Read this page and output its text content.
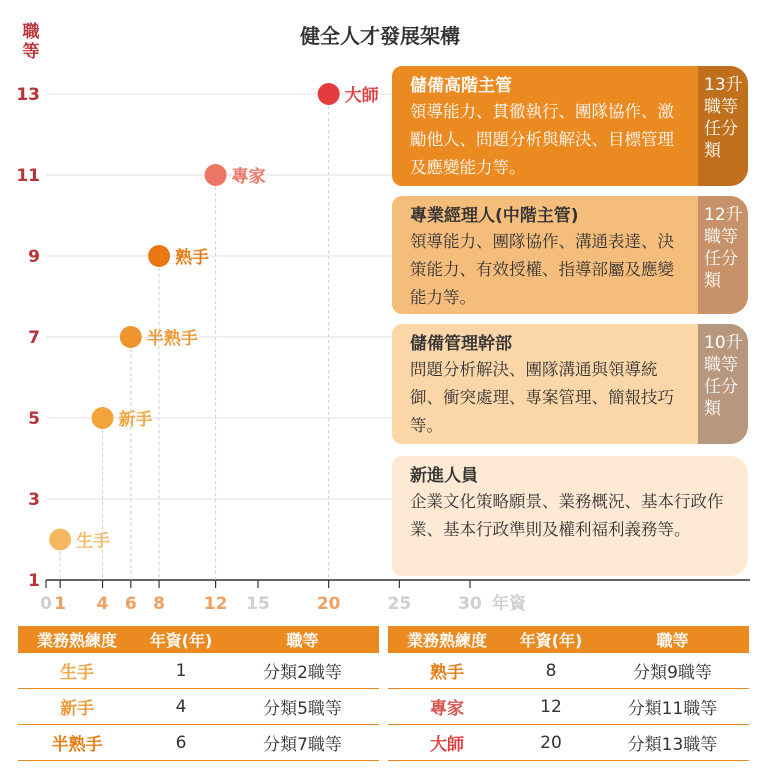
健全人才發展架構
職等
1
3
5
7
9
11
13
0 1 4 6 8 12 15	20	25	30 年資
生手
新手
半熟手
熟手
專家
大師 儲備高階主管
領導能力、貫徹執行、團隊協作、激勵他人、問題分析與解決、目標管理及應變能力等。
13升職等任分類
專業經理人(中階主管)
領導能力、團隊協作、溝通表達、決策能力、有效授權、指導部屬及應變能力等。
12升職等任分類
儲備管理幹部
問題分析解決、團隊溝通與領導統御、衝突處理、專案管理、簡報技巧等。
10升職等任分類
新進人員
企業文化策略願景、業務概況、基本行政作業、基本行政準則及權利福利義務等。
業務熟練度	年資(年)	職等
生手	1	分類2職等
新手	4	分類5職等
半熟手	6	分類7職等
業務熟練度	年資(年)	職等
熟手	8	分類9職等
專家	12	分類11職等
大師	20	分類13職等
